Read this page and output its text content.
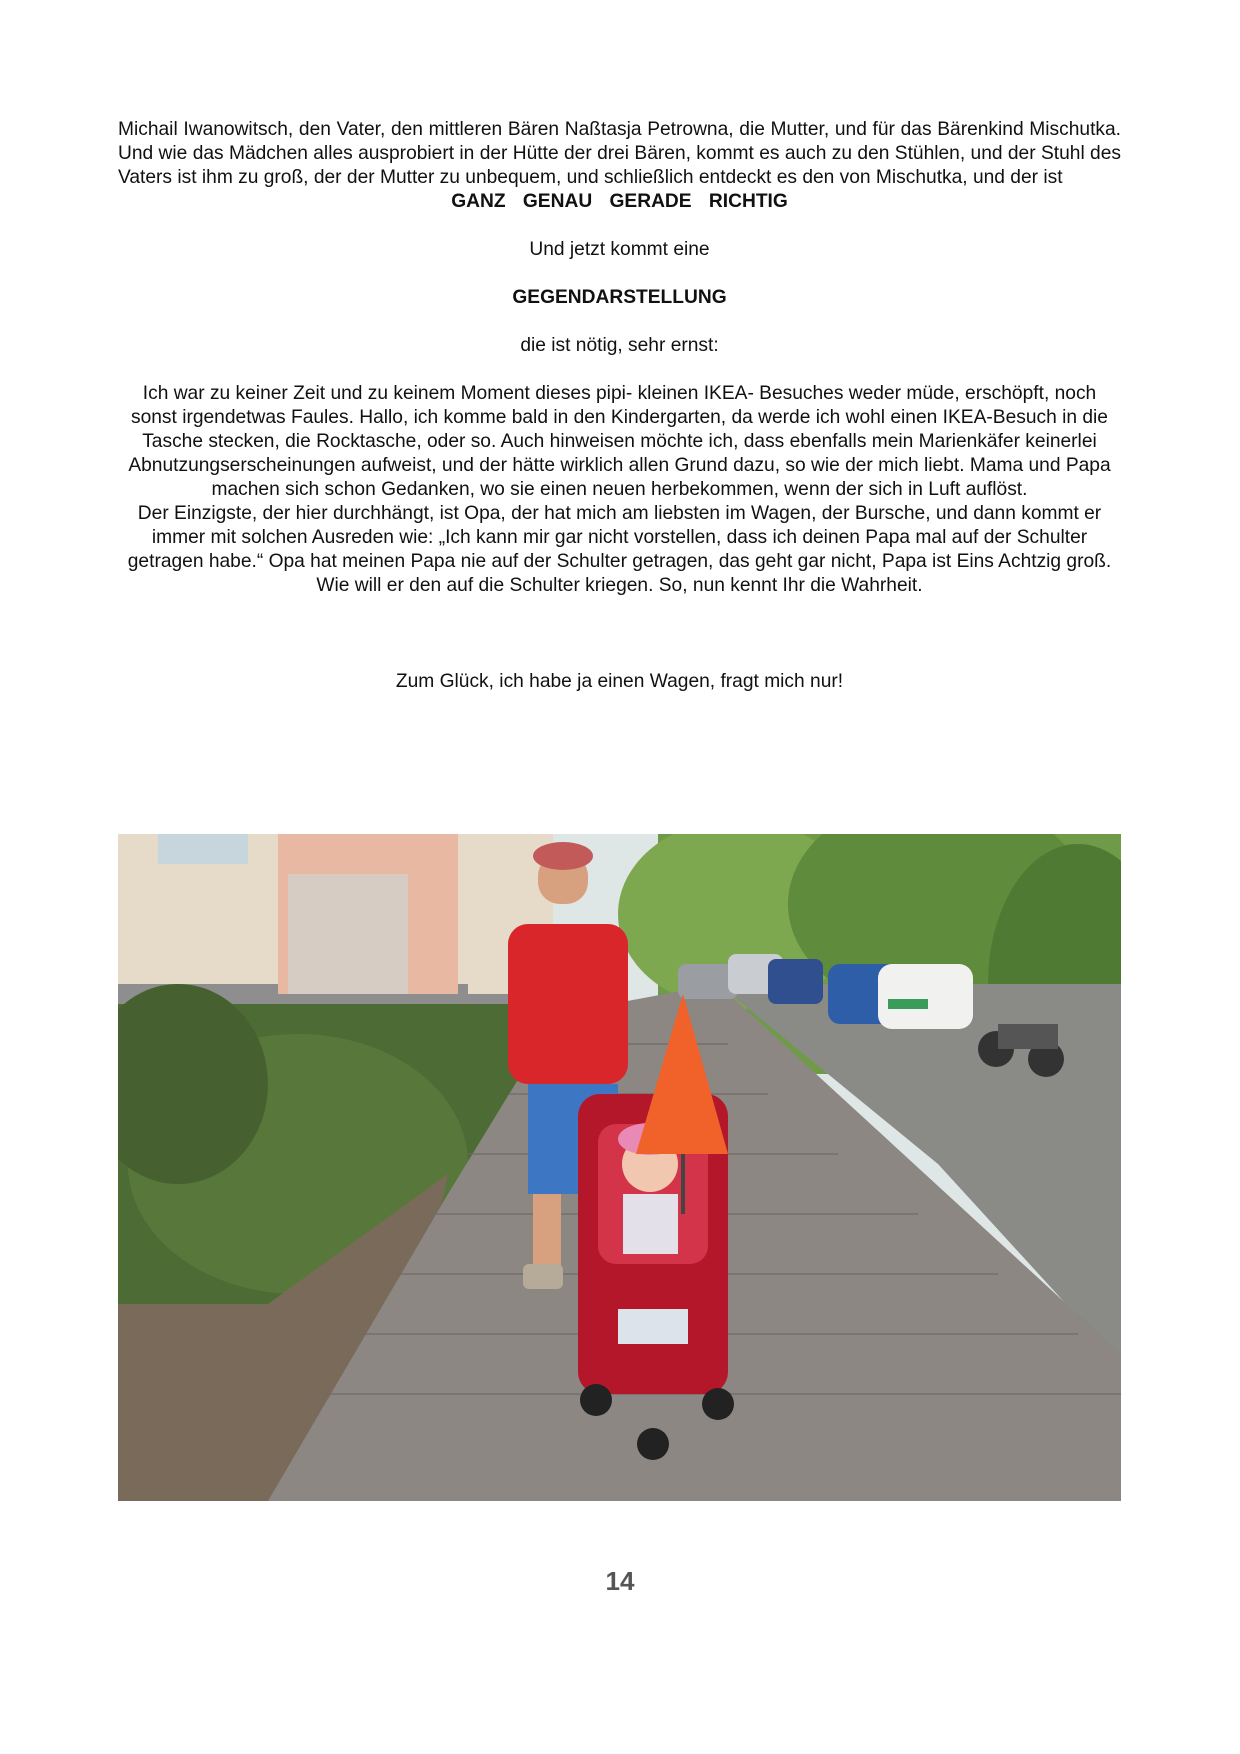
Michail Iwanowitsch, den Vater, den mittleren Bären Naßtasja Petrowna, die Mutter, und für das Bärenkind Mischutka. Und wie das Mädchen alles ausprobiert in der Hütte der drei Bären, kommt es auch zu den Stühlen, und der Stuhl des Vaters ist ihm zu groß, der der Mutter zu unbequem, und schließlich entdeckt es den von Mischutka, und der ist

GANZ GENAU GERADE RICHTIG

Und jetzt kommt eine

GEGENDARSTELLUNG

die ist nötig, sehr ernst:

Ich war zu keiner Zeit und zu keinem Moment dieses pipi- kleinen IKEA- Besuches weder müde, erschöpft, noch sonst irgendetwas Faules. Hallo, ich komme bald in den Kindergarten, da werde ich wohl einen IKEA-Besuch in die Tasche stecken, die Rocktasche, oder so. Auch hinweisen möchte ich, dass ebenfalls mein Marienkäfer keinerlei Abnutzungserscheinungen aufweist, und der hätte wirklich allen Grund dazu, so wie der mich liebt. Mama und Papa machen sich schon Gedanken, wo sie einen neuen herbekommen, wenn der sich in Luft auflöst.

Der Einzigste, der hier durchhängt, ist Opa, der hat mich am liebsten im Wagen, der Bursche, und dann kommt er immer mit solchen Ausreden wie: „Ich kann mir gar nicht vorstellen, dass ich deinen Papa mal auf der Schulter getragen habe.“ Opa hat meinen Papa nie auf der Schulter getragen, das geht gar nicht, Papa ist Eins Achtzig groß. Wie will er den auf die Schulter kriegen. So, nun kennt Ihr die Wahrheit.

Zum Glück, ich habe ja einen Wagen, fragt mich nur!

14
